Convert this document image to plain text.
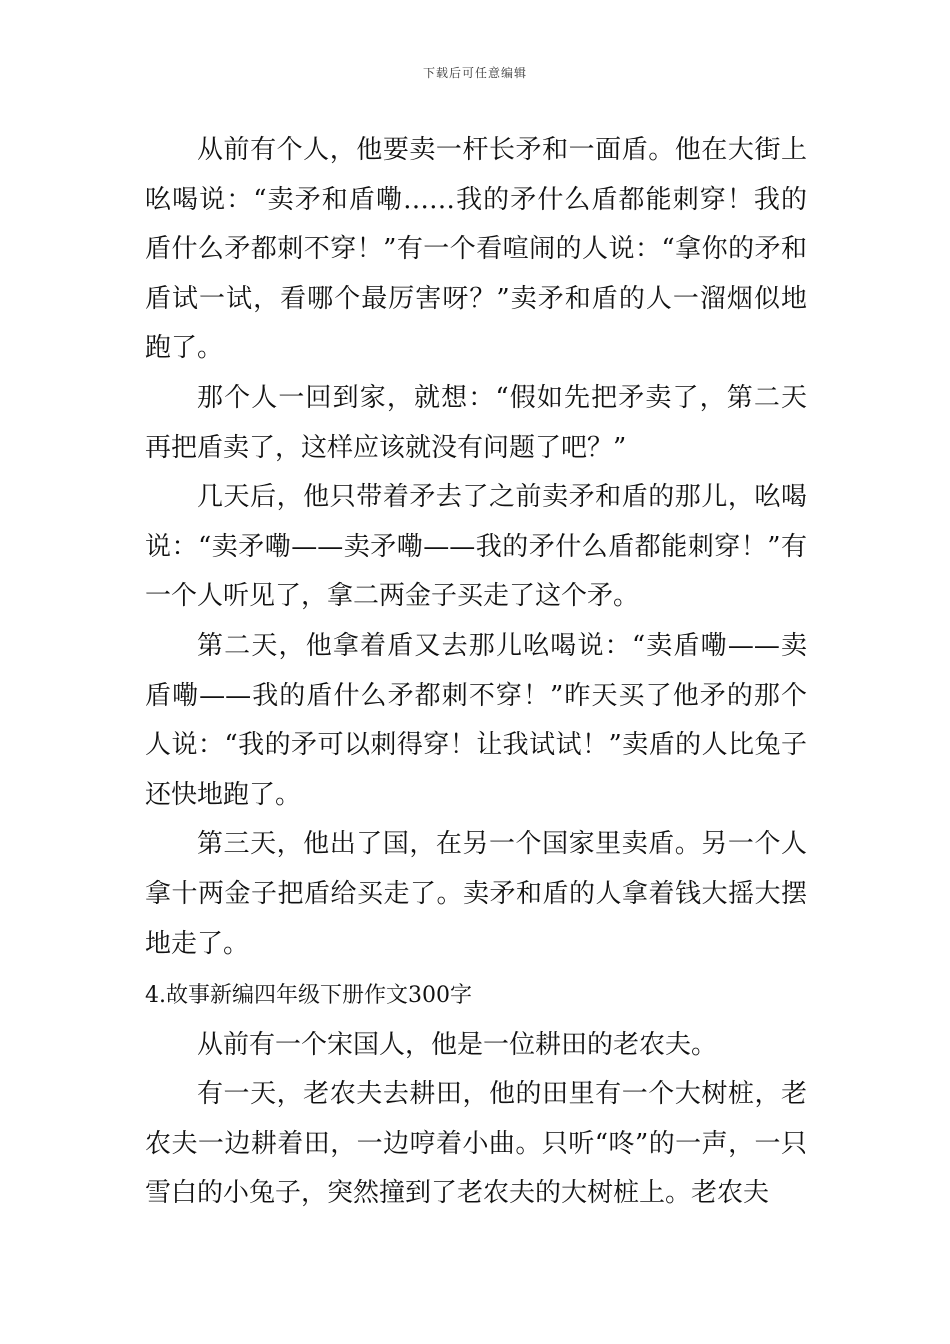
下载后可任意编辑

从前有个人，他要卖一杆长矛和一面盾。他在大街上吆喝说：“卖矛和盾嘞……我的矛什么盾都能刺穿！我的盾什么矛都刺不穿！”有一个看喧闹的人说：“拿你的矛和盾试一试，看哪个最厉害呀？”卖矛和盾的人一溜烟似地跑了。

那个人一回到家，就想：“假如先把矛卖了，第二天再把盾卖了，这样应该就没有问题了吧？”

几天后，他只带着矛去了之前卖矛和盾的那儿，吆喝说：“卖矛嘞——卖矛嘞——我的矛什么盾都能刺穿！”有一个人听见了，拿二两金子买走了这个矛。

第二天，他拿着盾又去那儿吆喝说：“卖盾嘞——卖盾嘞——我的盾什么矛都刺不穿！”昨天买了他矛的那个人说：“我的矛可以刺得穿！让我试试！”卖盾的人比兔子还快地跑了。

第三天，他出了国，在另一个国家里卖盾。另一个人拿十两金子把盾给买走了。卖矛和盾的人拿着钱大摇大摆地走了。

4.故事新编四年级下册作文300字

从前有一个宋国人，他是一位耕田的老农夫。

有一天，老农夫去耕田，他的田里有一个大树桩，老农夫一边耕着田，一边哼着小曲。只听“咚”的一声，一只雪白的小兔子，突然撞到了老农夫的大树桩上。老农夫
